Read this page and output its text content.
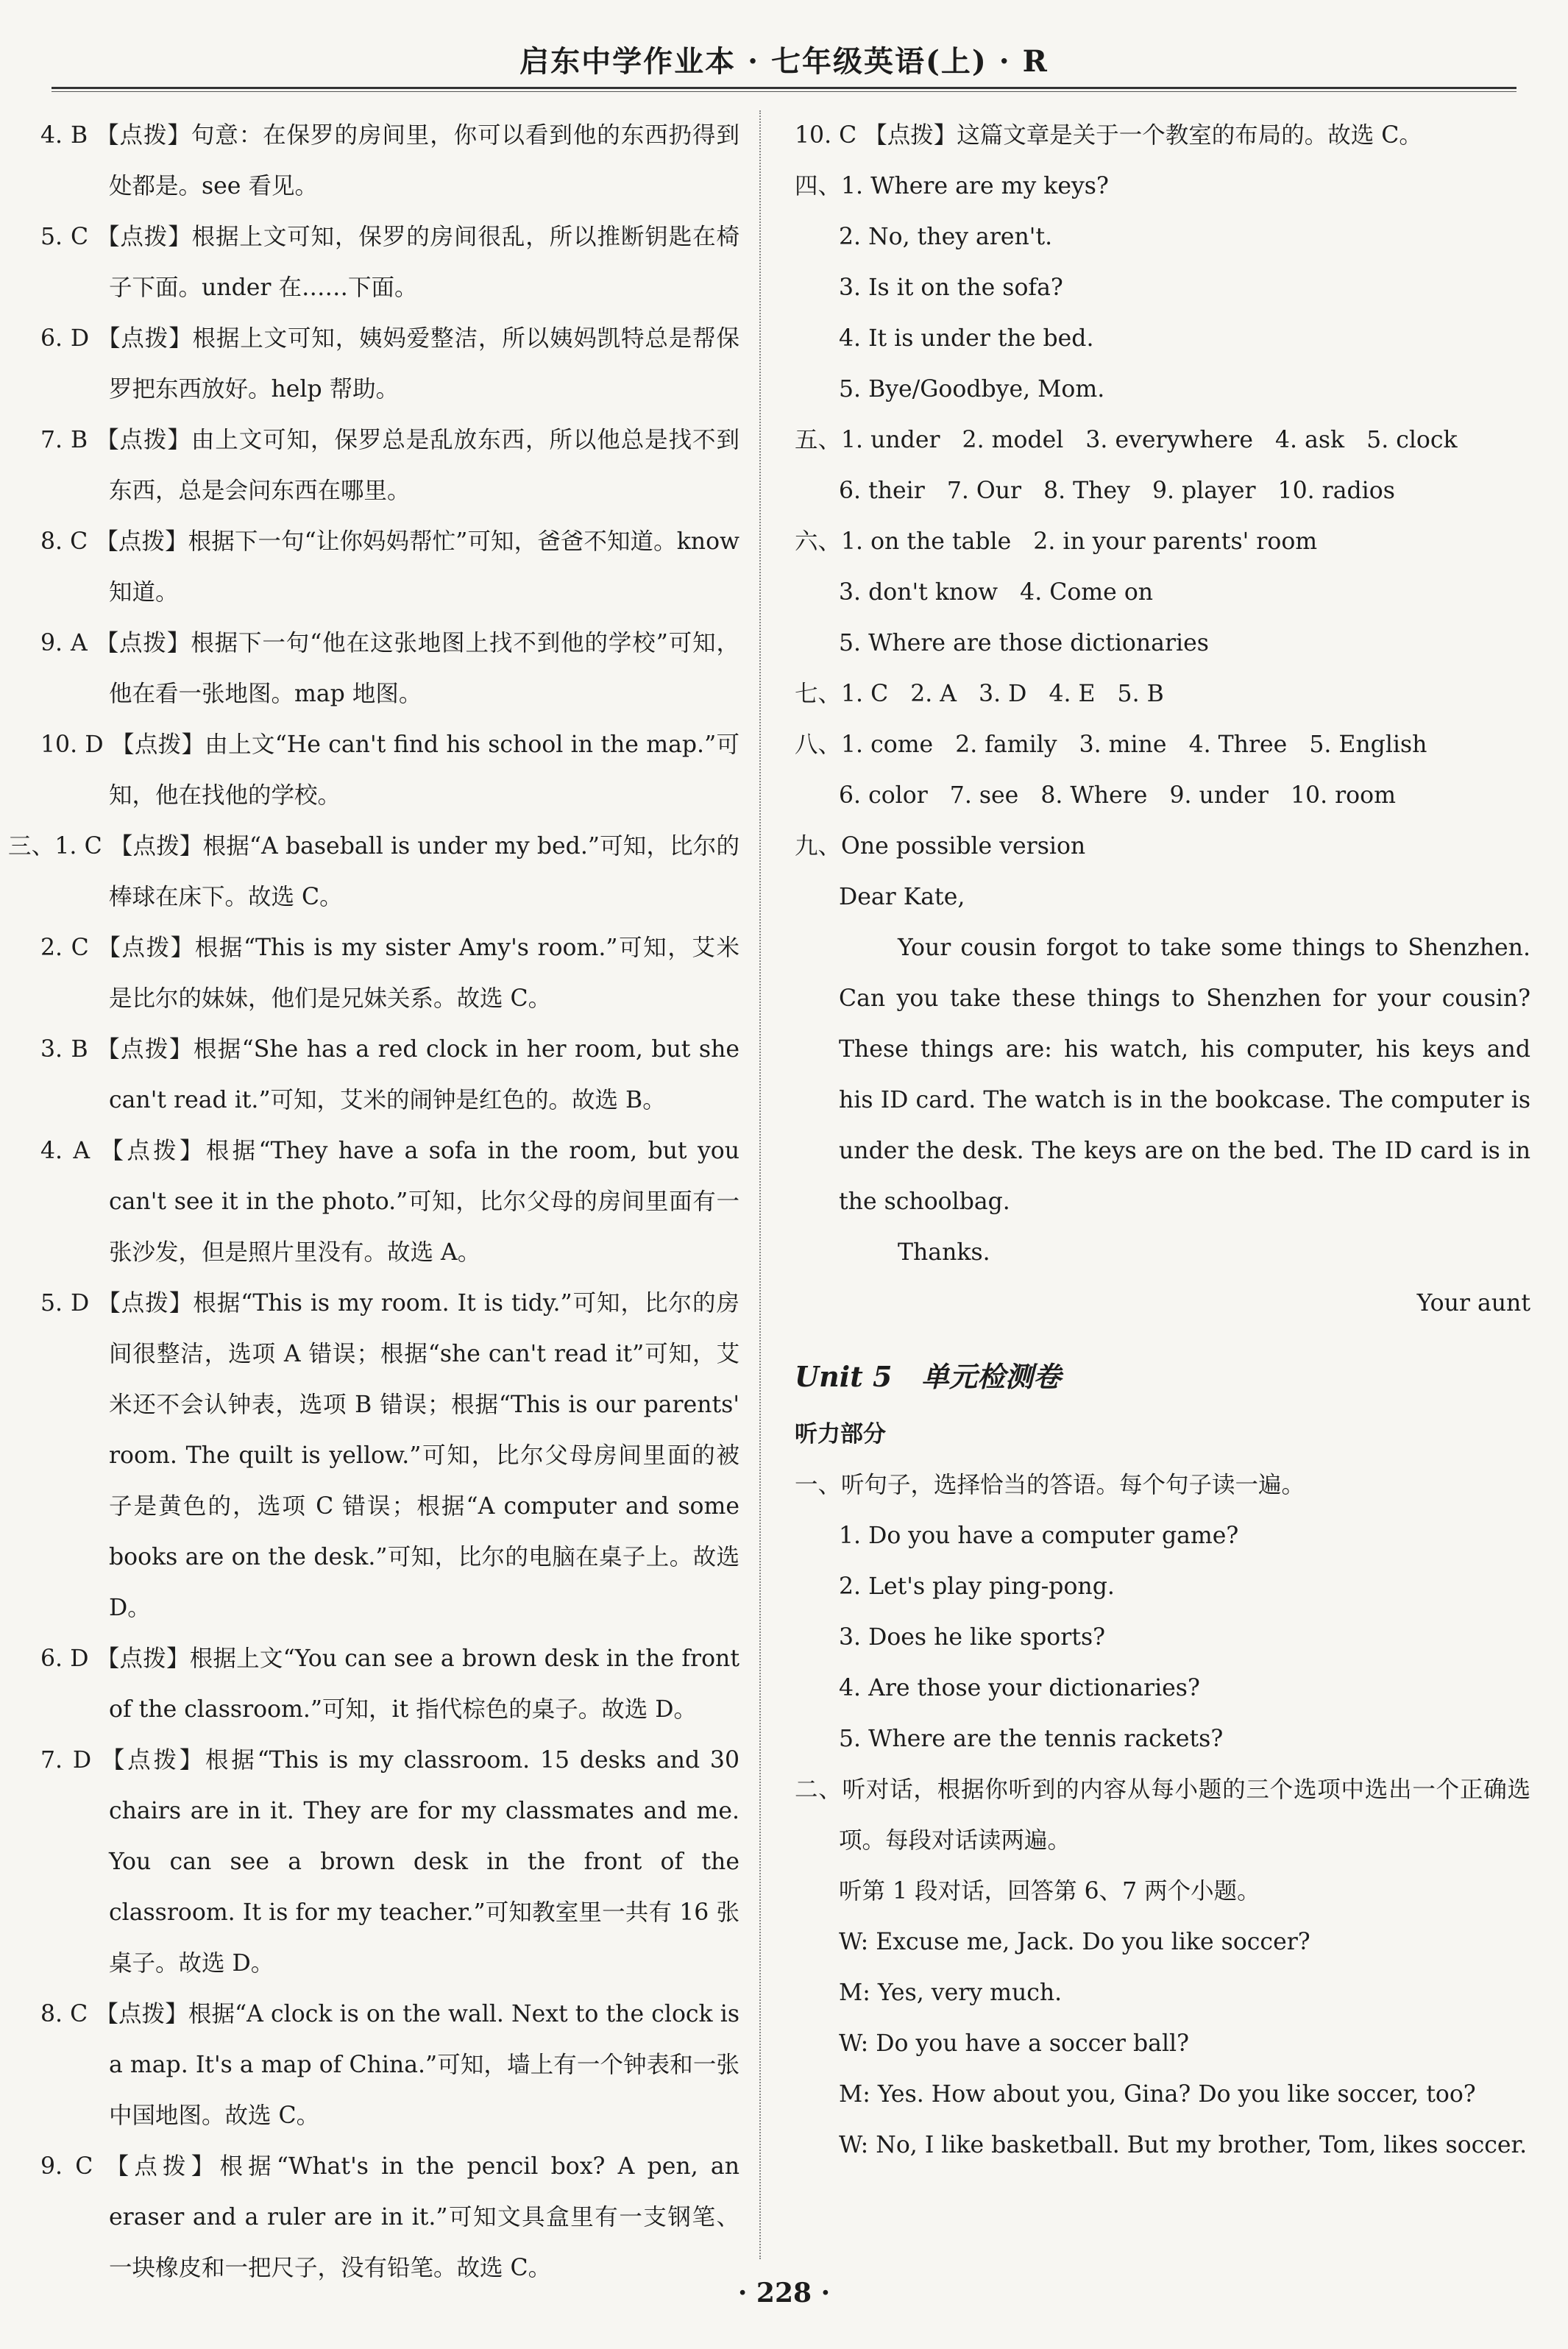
启东中学作业本 · 七年级英语(上) · R
4. B 【点拨】句意：在保罗的房间里，你可以看到他的东西扔得到处都是。see 看见。
5. C 【点拨】根据上文可知，保罗的房间很乱，所以推断钥匙在椅子下面。under 在……下面。
6. D 【点拨】根据上文可知，姨妈爱整洁，所以姨妈凯特总是帮保罗把东西放好。help 帮助。
7. B 【点拨】由上文可知，保罗总是乱放东西，所以他总是找不到东西，总是会问东西在哪里。
8. C 【点拨】根据下一句“让你妈妈帮忙”可知，爸爸不知道。know 知道。
9. A 【点拨】根据下一句“他在这张地图上找不到他的学校”可知，他在看一张地图。map 地图。
10. D 【点拨】由上文“He can't find his school in the map.”可知，他在找他的学校。
三、1. C 【点拨】根据“A baseball is under my bed.”可知，比尔的棒球在床下。故选 C。
2. C 【点拨】根据“This is my sister Amy's room.”可知，艾米是比尔的妹妹，他们是兄妹关系。故选 C。
3. B 【点拨】根据“She has a red clock in her room, but she can't read it.”可知，艾米的闹钟是红色的。故选 B。
4. A 【点拨】根据“They have a sofa in the room, but you can't see it in the photo.”可知，比尔父母的房间里面有一张沙发，但是照片里没有。故选 A。
5. D 【点拨】根据“This is my room. It is tidy.”可知，比尔的房间很整洁，选项 A 错误；根据“she can't read it”可知，艾米还不会认钟表，选项 B 错误；根据“This is our parents' room. The quilt is yellow.”可知，比尔父母房间里面的被子是黄色的，选项 C 错误；根据“A computer and some books are on the desk.”可知，比尔的电脑在桌子上。故选 D。
6. D 【点拨】根据上文“You can see a brown desk in the front of the classroom.”可知，it 指代棕色的桌子。故选 D。
7. D 【点拨】根据“This is my classroom. 15 desks and 30 chairs are in it. They are for my classmates and me. You can see a brown desk in the front of the classroom. It is for my teacher.”可知教室里一共有 16 张桌子。故选 D。
8. C 【点拨】根据“A clock is on the wall. Next to the clock is a map. It's a map of China.”可知，墙上有一个钟表和一张中国地图。故选 C。
9. C 【点拨】根据“What's in the pencil box? A pen, an eraser and a ruler are in it.”可知文具盒里有一支钢笔、一块橡皮和一把尺子，没有铅笔。故选 C。
10. C 【点拨】这篇文章是关于一个教室的布局的。故选 C。
四、1. Where are my keys?
2. No, they aren't.
3. Is it on the sofa?
4. It is under the bed.
5. Bye/Goodbye, Mom.
五、1. under   2. model   3. everywhere   4. ask   5. clock
6. their   7. Our   8. They   9. player   10. radios
六、1. on the table   2. in your parents' room
3. don't know   4. Come on
5. Where are those dictionaries
七、1. C   2. A   3. D   4. E   5. B
八、1. come   2. family   3. mine   4. Three   5. English
6. color   7. see   8. Where   9. under   10. room
九、One possible version
Dear Kate,
Your cousin forgot to take some things to Shenzhen. Can you take these things to Shenzhen for your cousin? These things are: his watch, his computer, his keys and his ID card. The watch is in the bookcase. The computer is under the desk. The keys are on the bed. The ID card is in the schoolbag.
Thanks.
Your aunt
Unit 5   单元检测卷
听力部分
一、听句子，选择恰当的答语。每个句子读一遍。
1. Do you have a computer game?
2. Let's play ping-pong.
3. Does he like sports?
4. Are those your dictionaries?
5. Where are the tennis rackets?
二、听对话，根据你听到的内容从每小题的三个选项中选出一个正确选项。每段对话读两遍。
听第 1 段对话，回答第 6、7 两个小题。
W: Excuse me, Jack. Do you like soccer?
M: Yes, very much.
W: Do you have a soccer ball?
M: Yes. How about you, Gina? Do you like soccer, too?
W: No, I like basketball. But my brother, Tom, likes soccer.
· 228 ·
